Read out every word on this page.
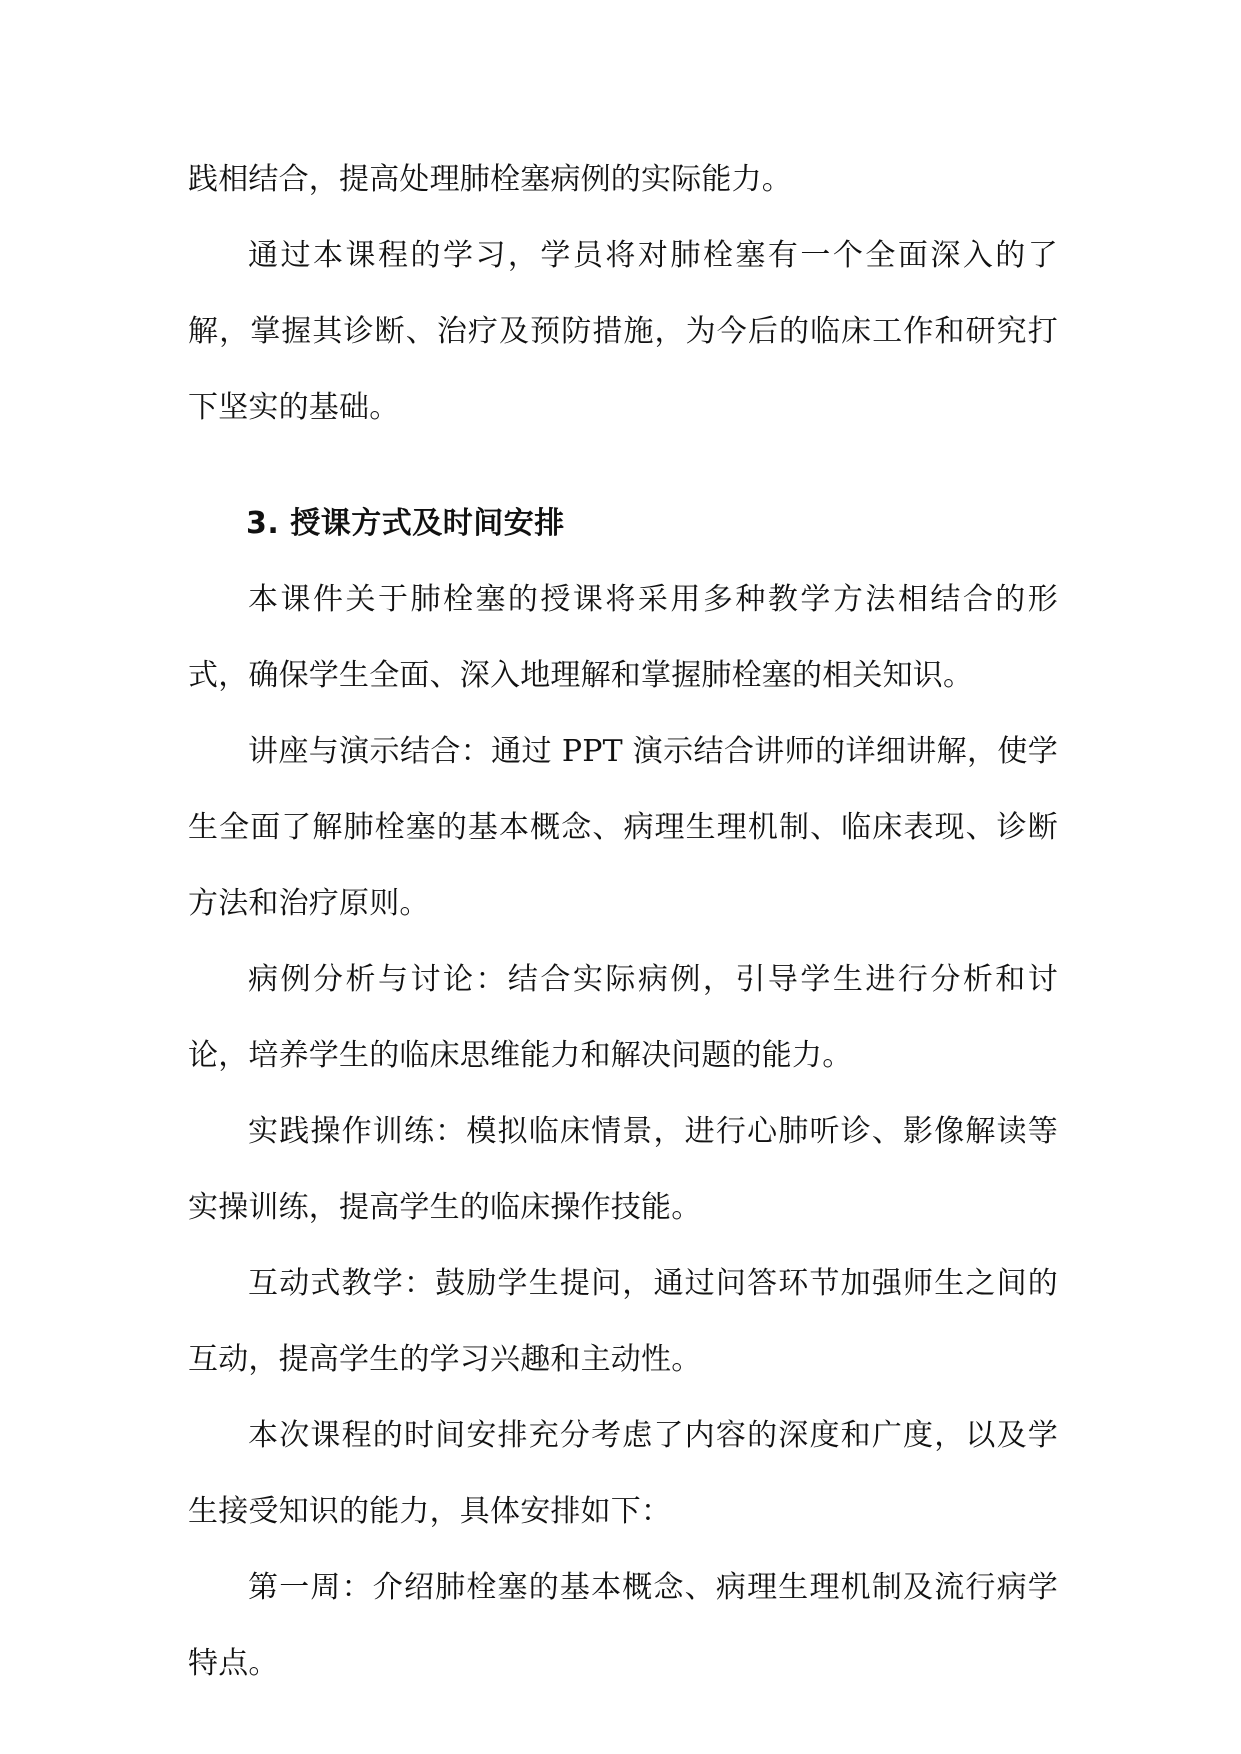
践相结合，提高处理肺栓塞病例的实际能力。

通过本课程的学习，学员将对肺栓塞有一个全面深入的了解，掌握其诊断、治疗及预防措施，为今后的临床工作和研究打下坚实的基础。

3. 授课方式及时间安排

本课件关于肺栓塞的授课将采用多种教学方法相结合的形式，确保学生全面、深入地理解和掌握肺栓塞的相关知识。

讲座与演示结合：通过 PPT 演示结合讲师的详细讲解，使学生全面了解肺栓塞的基本概念、病理生理机制、临床表现、诊断方法和治疗原则。

病例分析与讨论：结合实际病例，引导学生进行分析和讨论，培养学生的临床思维能力和解决问题的能力。

实践操作训练：模拟临床情景，进行心肺听诊、影像解读等实操训练，提高学生的临床操作技能。

互动式教学：鼓励学生提问，通过问答环节加强师生之间的互动，提高学生的学习兴趣和主动性。

本次课程的时间安排充分考虑了内容的深度和广度，以及学生接受知识的能力，具体安排如下：

第一周：介绍肺栓塞的基本概念、病理生理机制及流行病学特点。
